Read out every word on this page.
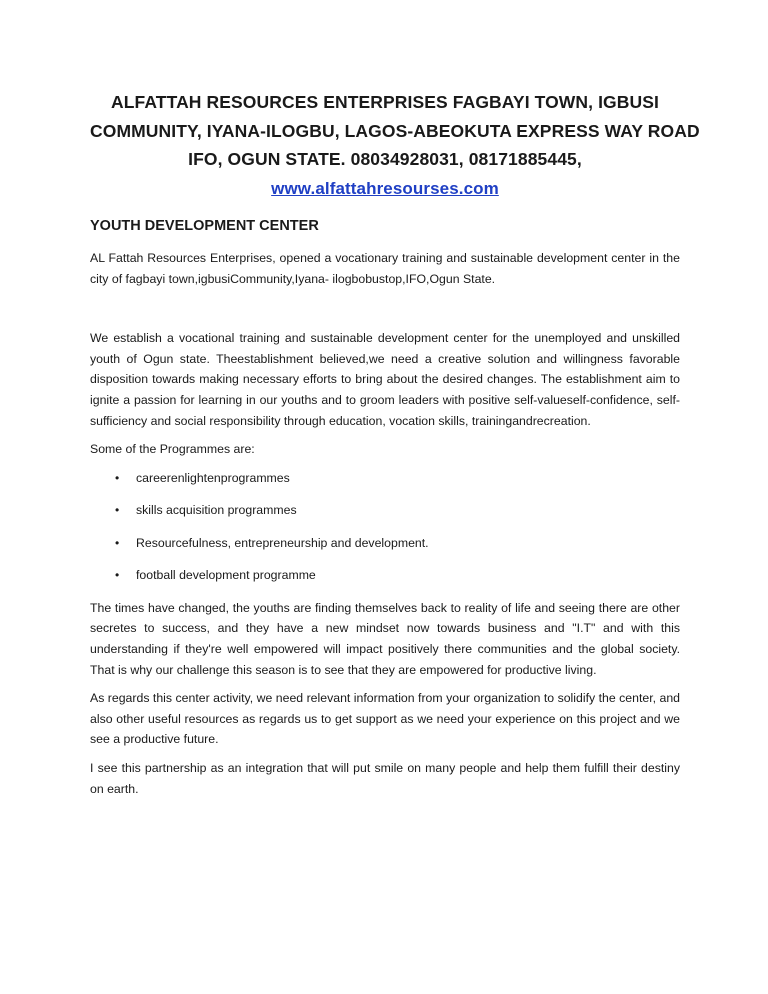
ALFATTAH RESOURCES ENTERPRISES FAGBAYI TOWN, IGBUSI
COMMUNITY, IYANA-ILOGBU, LAGOS-ABEOKUTA EXPRESS WAY ROAD
IFO, OGUN STATE. 08034928031, 08171885445,
www.alfattahresourses.com
YOUTH DEVELOPMENT CENTER

AL Fattah Resources Enterprises, opened a vocationary training and sustainable development center in the city of fagbayi town,igbusiCommunity,Iyana- ilogbobustop,IFO,Ogun State.

We establish a vocational training and sustainable development center for the unemployed and unskilled youth of Ogun state. Theestablishment believed,we need a creative solution and willingness favorable disposition towards making necessary efforts to bring about the desired changes. The establishment aim to ignite a passion for learning in our youths and to groom leaders with positive self-valueself-confidence, self-sufficiency and social responsibility through education, vocation skills, trainingandrecreation.

Some of the Programmes are:

• careerenlightenprogrammes
• skills acquisition programmes
• Resourcefulness, entrepreneurship and development.
• football development programme

The times have changed, the youths are finding themselves back to reality of life and seeing there are other secretes to success, and they have a new mindset now towards business and "I.T" and with this understanding if they're well empowered will impact positively there communities and the global society. That is why our challenge this season is to see that they are empowered for productive living.

As regards this center activity, we need relevant information from your organization to solidify the center, and also other useful resources as regards us to get support as we need your experience on this project and we see a productive future.

I see this partnership as an integration that will put smile on many people and help them fulfill their destiny on earth.
